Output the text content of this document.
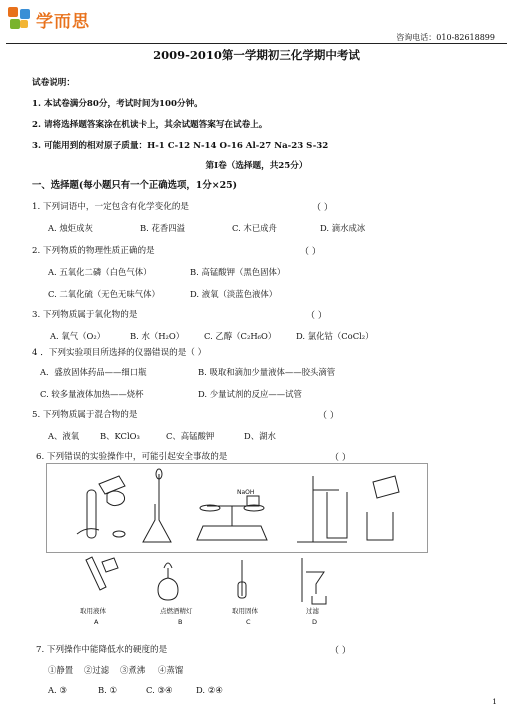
学而思
咨询电话：010-82618899
2009-2010第一学期初三化学期中考试
试卷说明：
1. 本试卷满分80分，考试时间为100分钟。
2. 请将选择题答案涂在机读卡上，其余试题答案写在试卷上。
3. 可能用到的相对原子质量：H-1 C-12 N-14 O-16 Al-27 Na-23 S-32
第Ⅰ卷（选择题，共25分）
一、选择题(每小题只有一个正确选项，1分×25)
1. 下列词语中，一定包含有化学变化的是	（ ）
A. 烛炬成灰	B. 花香四溢	C. 木已成舟	D. 滴水成冰
2. 下列物质的物理性质正确的是	（ ）
A. 五氧化二磷（白色气体）	B. 高锰酸钾（黑色固体）
C. 二氧化硫（无色无味气体）	D. 液氧（淡蓝色液体）
3. 下列物质属于氧化物的是	（ ）
A. 氧气（O₂）	B. 水（H₂O） C. 乙醇（C₂H₆O） D. 氯化钴（CoCl₂）
4 ．下列实验项目所选择的仪器错误的是（ ）
A．盛放固体药品——细口瓶	B. 吸取和滴加少量液体——胶头滴管
C. 较多量液体加热——烧杯	D. 少量试剂的反应——试管
5. 下列物质属于混合物的是	（ ）
A、液氧 B、KClO₃	C、高锰酸钾	D、湖水
6. 下列错误的实验操作中，可能引起安全事故的是	（ ）
NaOH
取用液体
A
点燃酒精灯
B
取用固体
C
过滤
D
7. 下列操作中能降低水的硬度的是	（ ）
①静置 ②过滤 ③煮沸 ④蒸馏
A. ③	B. ①	C. ③④	D. ②④
1
